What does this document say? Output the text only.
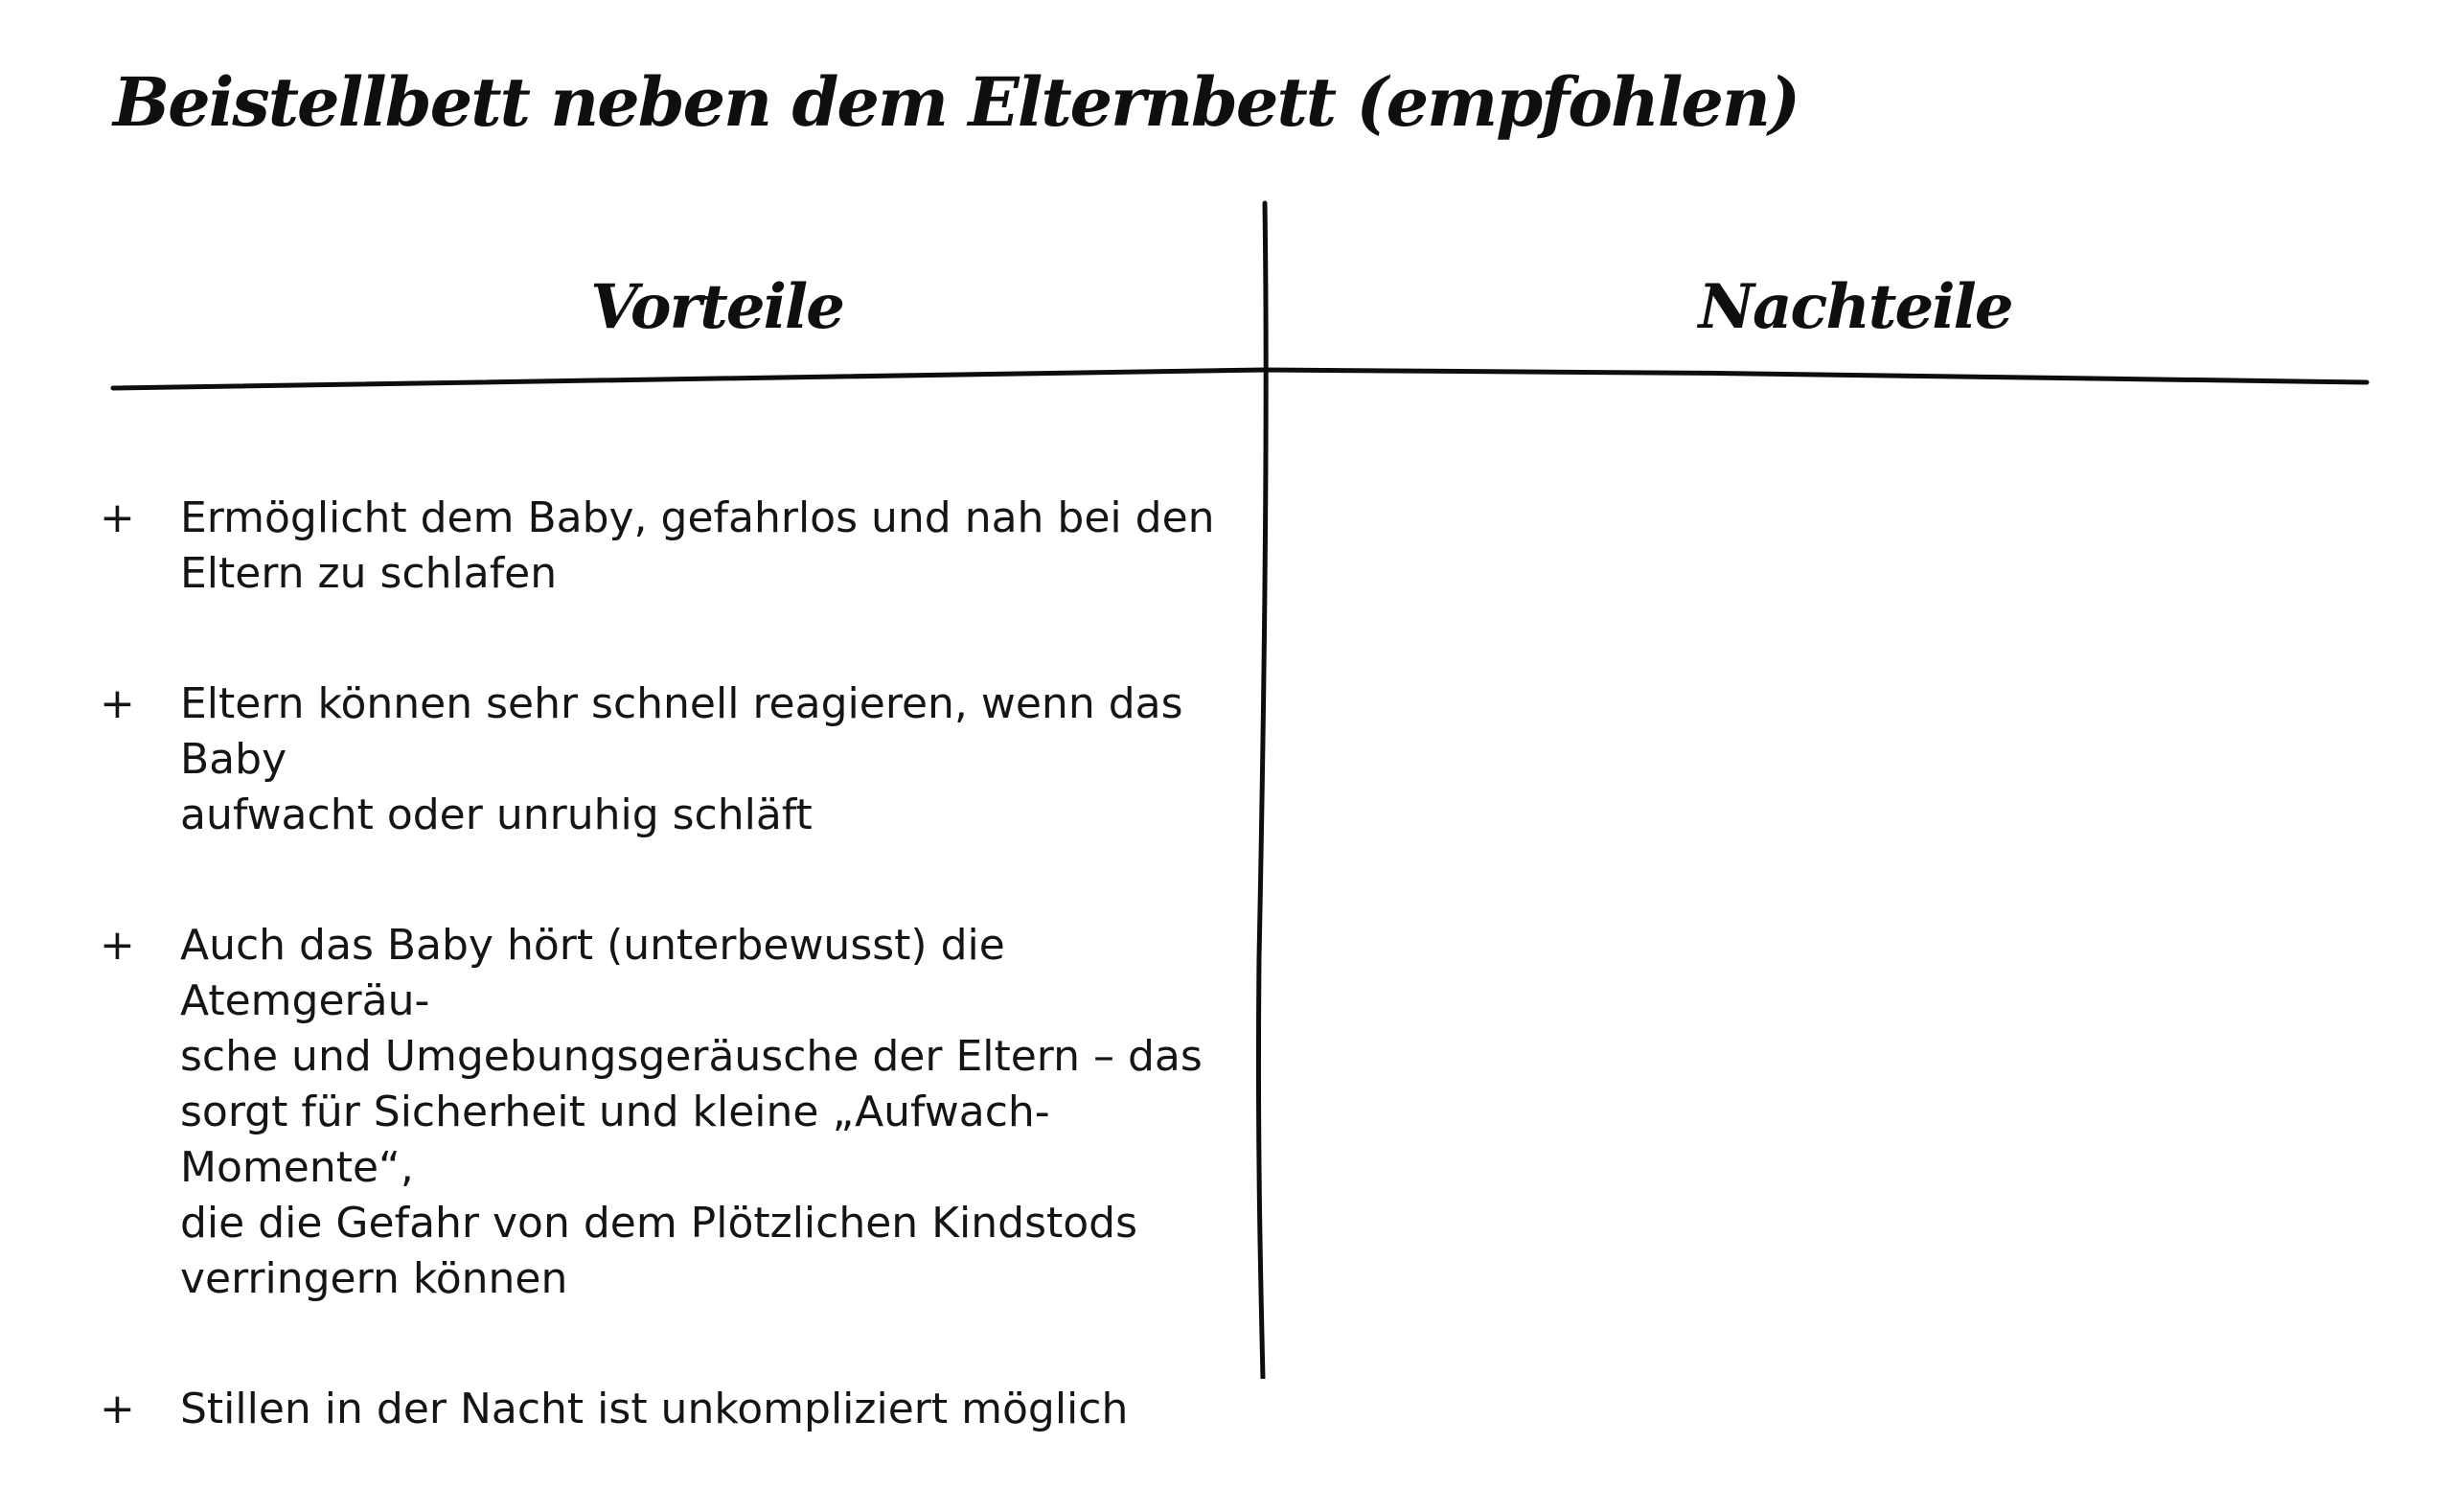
Beistellbett neben dem Elternbett (empfohlen)
Vorteile	Nachteile
+ Ermöglicht dem Baby, gefahrlos und nah bei den
Eltern zu schlafen
+ Eltern können sehr schnell reagieren, wenn das Baby
aufwacht oder unruhig schläft
+ Auch das Baby hört (unterbewusst) die Atemgeräu-
sche und Umgebungsgeräusche der Eltern – das
sorgt für Sicherheit und kleine „Aufwach-Momente“,
die die Gefahr von dem Plötzlichen Kindstods
verringern können
+ Stillen in der Nacht ist unkompliziert möglich
